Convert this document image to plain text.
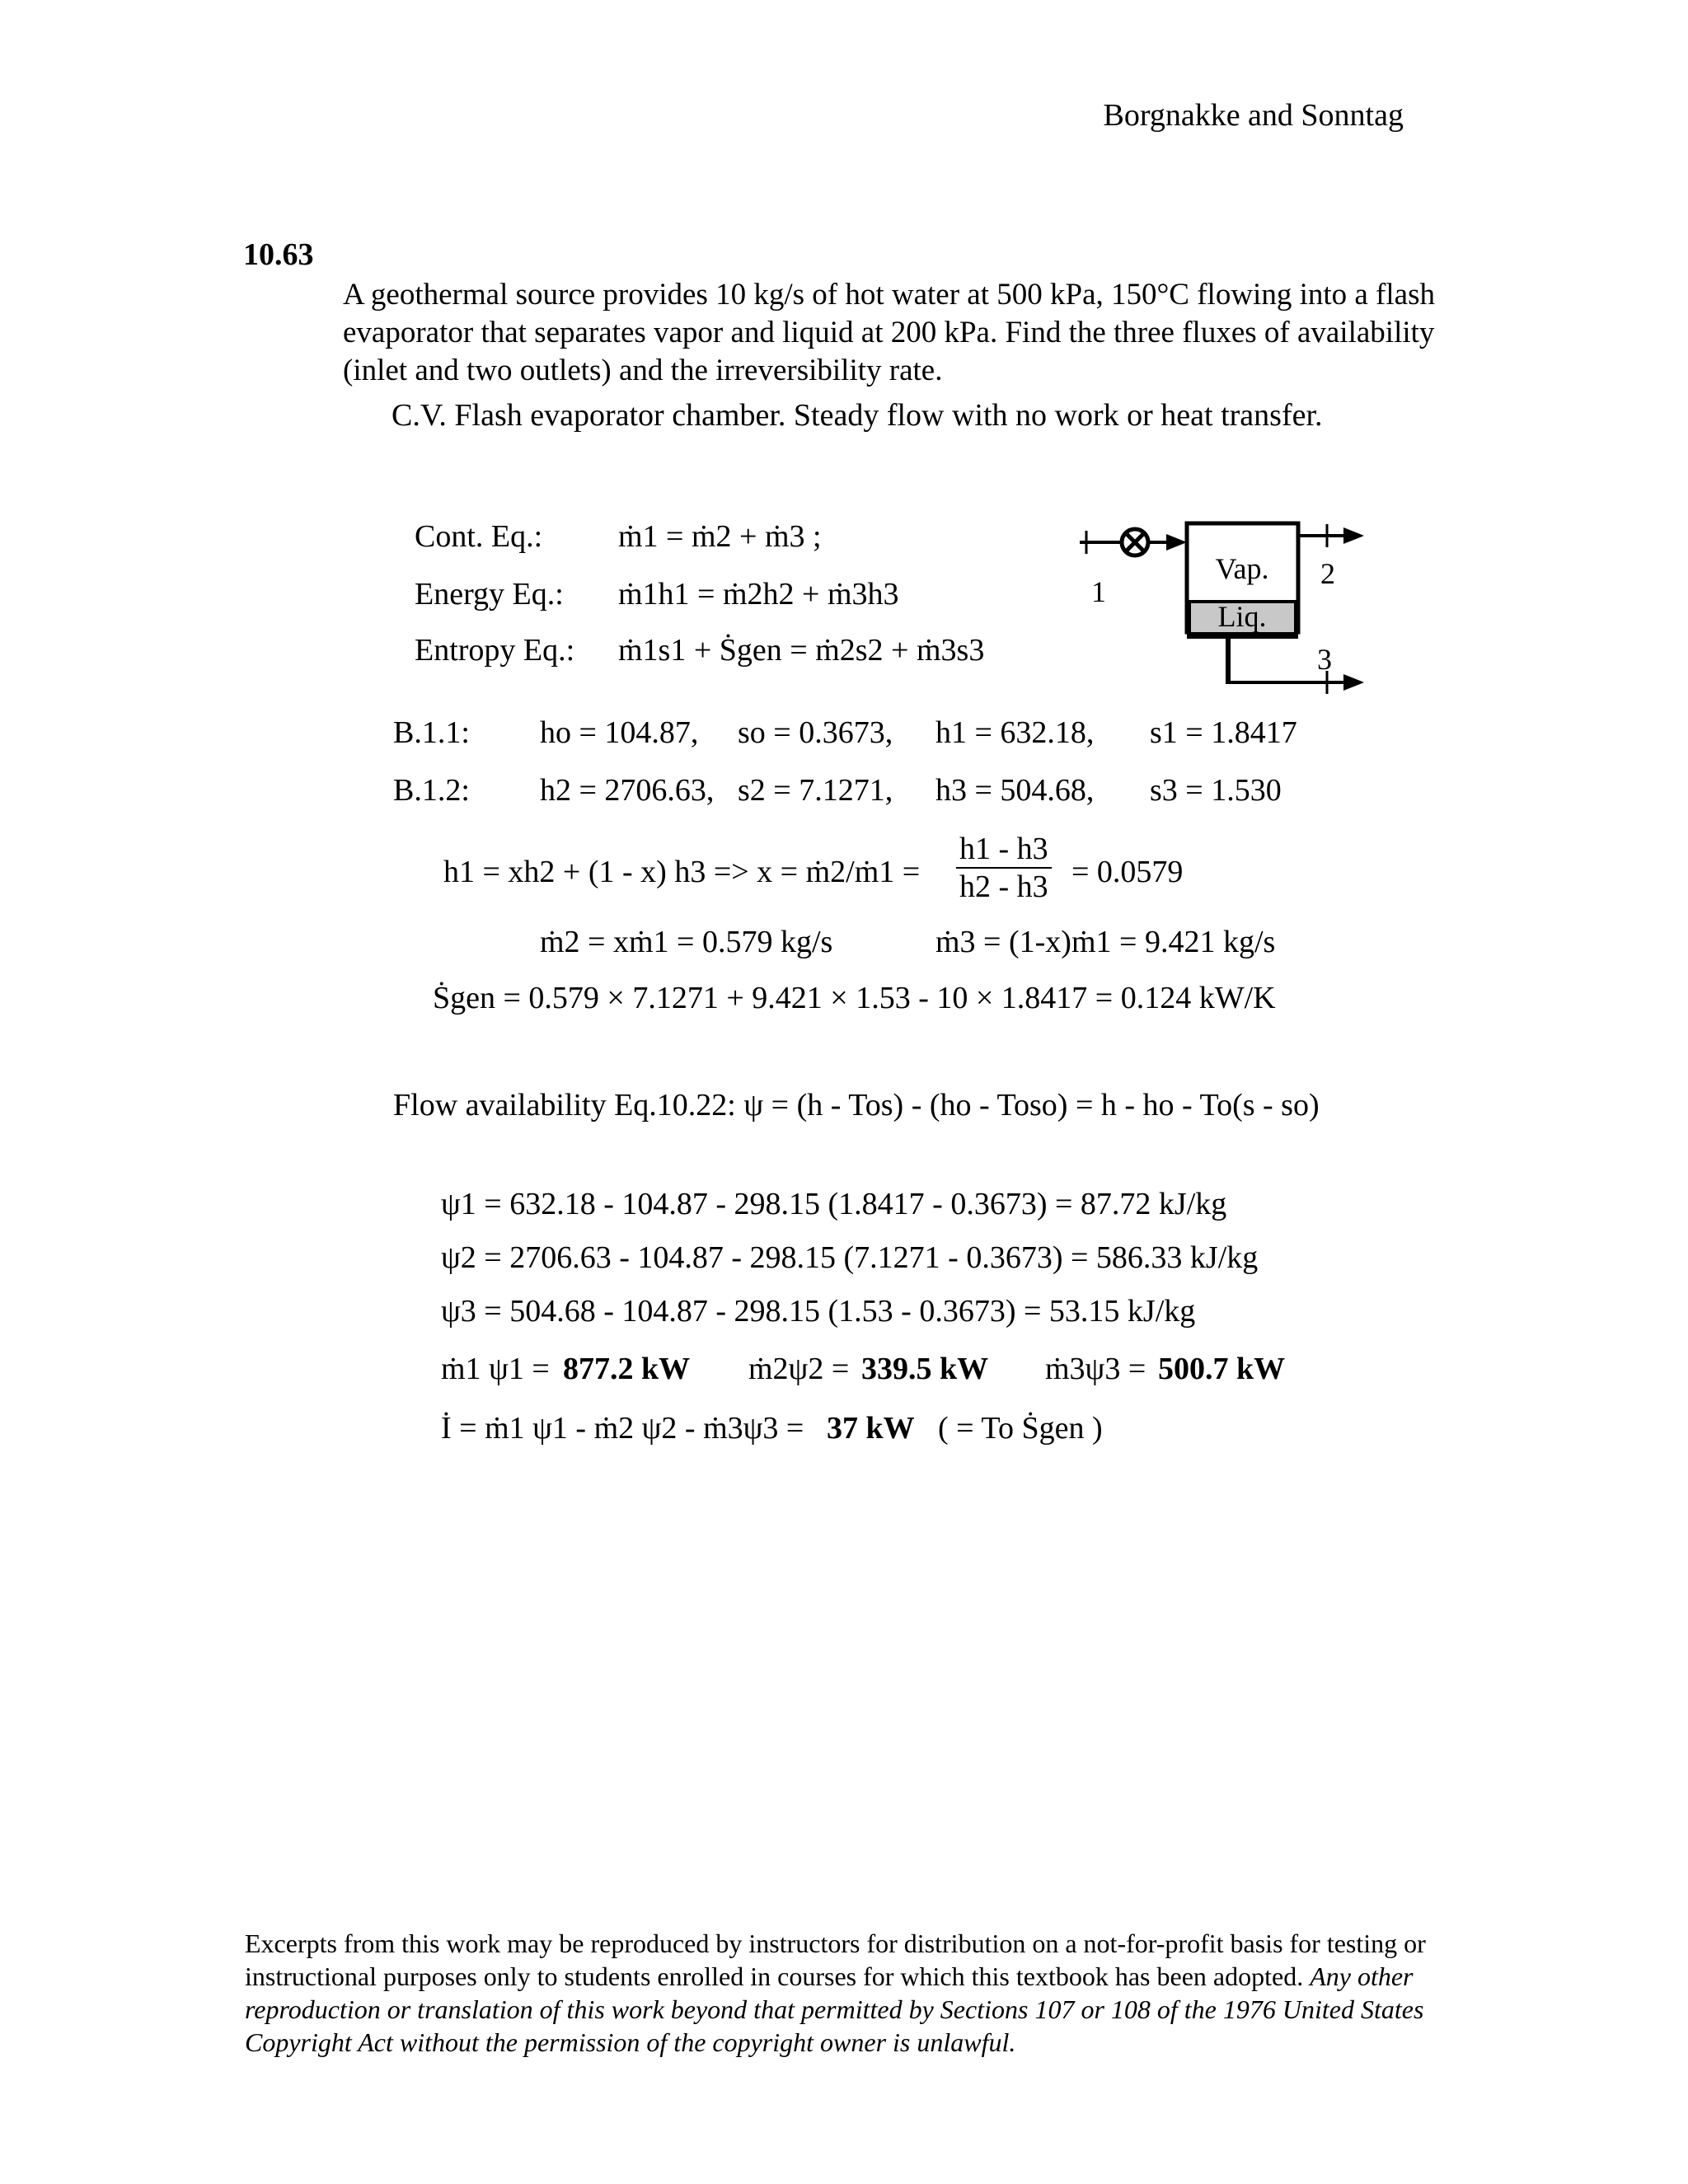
Borgnakke and Sonntag
10.63
A geothermal source provides 10 kg/s of hot water at 500 kPa, 150°C flowing into a flash evaporator that separates vapor and liquid at 200 kPa. Find the three fluxes of availability (inlet and two outlets) and the irreversibility rate.
C.V. Flash evaporator chamber. Steady flow with no work or heat transfer.
Cont. Eq.: ṁ1 = ṁ2 + ṁ3 ;
Energy Eq.: ṁ1h1 = ṁ2h2 + ṁ3h3
Entropy Eq.: ṁ1s1 + Ṡgen = ṁ2s2 + ṁ3s3
Vap.
Liq.
1
2
3
B.1.1: ho = 104.87, so = 0.3673, h1 = 632.18, s1 = 1.8417
B.1.2: h2 = 2706.63, s2 = 7.1271, h3 = 504.68, s3 = 1.530
h1 = xh2 + (1 - x) h3 => x = ṁ2/ṁ1 = $\frac{h1 - h3}{h2 - h3} = 0.0579$
ṁ2 = xṁ1 = 0.579 kg/s	ṁ3 = (1-x)ṁ1 = 9.421 kg/s
Ṡgen = 0.579 × 7.1271 + 9.421 × 1.53 - 10 × 1.8417 = 0.124 kW/K
Flow availability Eq.10.22: ψ = (h - Tos) - (ho - Toso) = h - ho - To(s - so)
ψ1 = 632.18 - 104.87 - 298.15 (1.8417 - 0.3673) = 87.72 kJ/kg
ψ2 = 2706.63 - 104.87 - 298.15 (7.1271 - 0.3673) = 586.33 kJ/kg
ψ3 = 504.68 - 104.87 - 298.15 (1.53 - 0.3673) = 53.15 kJ/kg
ṁ1 ψ1 = 877.2 kW ṁ2ψ2 = 339.5 kW ṁ3ψ3 = 500.7 kW
İ = ṁ1 ψ1 - ṁ2 ψ2 - ṁ3ψ3 = 37 kW ( = To Ṡgen )
Excerpts from this work may be reproduced by instructors for distribution on a not-for-profit basis for testing or instructional purposes only to students enrolled in courses for which this textbook has been adopted. Any other reproduction or translation of this work beyond that permitted by Sections 107 or 108 of the 1976 United States Copyright Act without the permission of the copyright owner is unlawful.
